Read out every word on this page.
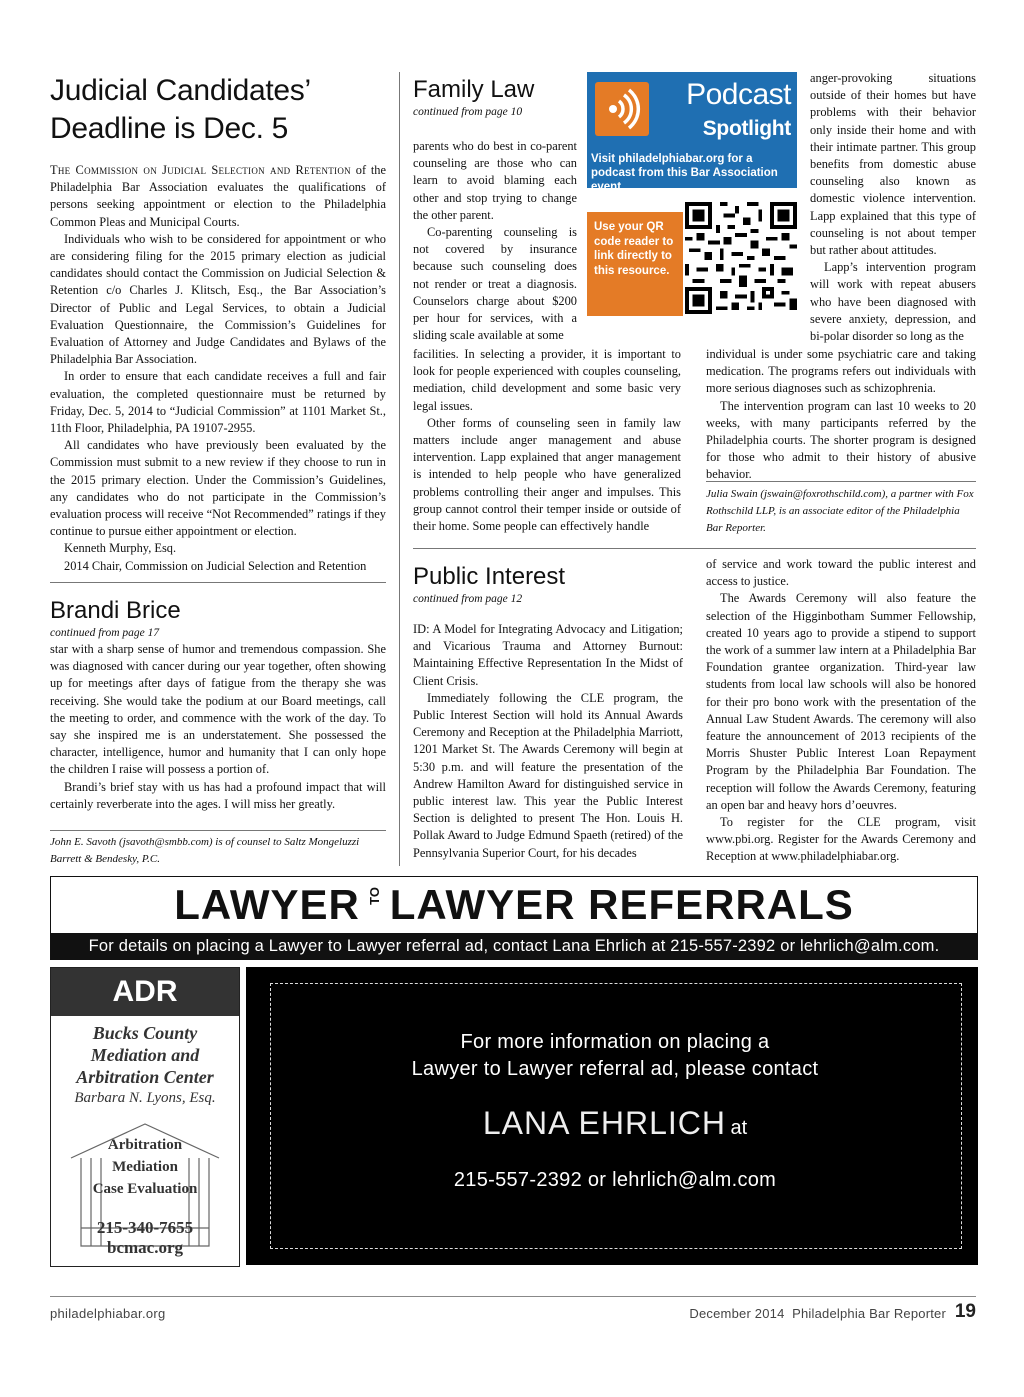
Judicial Candidates’
Deadline is Dec. 5

The Commission on Judicial Selection and Retention of the Philadelphia Bar Association evaluates the qualifications of persons seeking appointment or election to the Philadelphia Common Pleas and Municipal Courts.

Individuals who wish to be considered for appointment or who are considering filing for the 2015 primary election as judicial candidates should contact the Commission on Judicial Selection & Retention c/o Charles J. Klitsch, Esq., the Bar Association’s Director of Public and Legal Services, to obtain a Judicial Evaluation Questionnaire, the Commission’s Guidelines for Evaluation of Attorney and Judge Candidates and Bylaws of the Philadelphia Bar Association.

In order to ensure that each candidate receives a full and fair evaluation, the completed questionnaire must be returned by Friday, Dec. 5, 2014 to “Judicial Commission” at 1101 Market St., 11th Floor, Philadelphia, PA 19107-2955.

All candidates who have previously been evaluated by the Commission must submit to a new review if they choose to run in the 2015 primary election. Under the Commission’s Guidelines, any candidates who do not participate in the Commission’s evaluation process will receive “Not Recommended” ratings if they continue to pursue either appointment or election.

Kenneth Murphy, Esq.

2014 Chair, Commission on Judicial Selection and Retention

Brandi Brice
continued from page 17

star with a sharp sense of humor and tremendous compassion. She was diagnosed with cancer during our year together, often showing up for meetings after days of fatigue from the therapy she was receiving. She would take the podium at our Board meetings, call the meeting to order, and commence with the work of the day. To say she inspired me is an understatement. She possessed the character, intelligence, humor and humanity that I can only hope the children I raise will possess a portion of.

Brandi’s brief stay with us has had a profound impact that will certainly reverberate into the ages. I will miss her greatly.

John E. Savoth (jsavoth@smbb.com) is of counsel to Saltz Mongeluzzi Barrett & Bendesky, P.C.
Family Law
continued from page 10

parents who do best in co-parent counseling are those who can learn to avoid blaming each other and stop trying to change the other parent.

Co-parenting counseling is not covered by insurance because such counseling does not render or treat a diagnosis. Counselors charge about $200 per hour for services, with a sliding scale available at some

facilities. In selecting a provider, it is important to look for people experienced with couples counseling, mediation, child development and some basic very legal issues.

Other forms of counseling seen in family law matters include anger management and abuse intervention. Lapp explained that anger management is intended to help people who have generalized problems controlling their anger and impulses. This group cannot control their temper inside or outside of their home. Some people can effectively handle

Podcast
Spotlight
Visit philadelphiabar.org for a podcast from this Bar Association event.
Use your QR code reader to link directly to this resource.

anger-provoking situations outside of their homes but have problems with their behavior only inside their home and with their intimate partner. This group benefits from domestic abuse counseling also known as domestic violence intervention. Lapp explained that this type of counseling is not about temper but rather about attitudes.

Lapp’s intervention program will work with repeat abusers who have been diagnosed with severe anxiety, depression, and bi-polar disorder so long as the

individual is under some psychiatric care and taking medication. The programs refers out individuals with more serious diagnoses such as schizophrenia.

The intervention program can last 10 weeks to 20 weeks, with many participants referred by the Philadelphia courts. The shorter program is designed for those who admit to their history of abusive behavior.

Julia Swain (jswain@foxrothschild.com), a partner with Fox Rothschild LLP, is an associate editor of the Philadelphia Bar Reporter.
Public Interest
continued from page 12

ID: A Model for Integrating Advocacy and Litigation; and Vicarious Trauma and Attorney Burnout: Maintaining Effective Representation In the Midst of Client Crisis.

Immediately following the CLE program, the Public Interest Section will hold its Annual Awards Ceremony and Reception at the Philadelphia Marriott, 1201 Market St. The Awards Ceremony will begin at 5:30 p.m. and will feature the presentation of the Andrew Hamilton Award for distinguished service in public interest law. This year the Public Interest Section is delighted to present The Hon. Louis H. Pollak Award to Judge Edmund Spaeth (retired) of the Pennsylvania Superior Court, for his decades

of service and work toward the public interest and access to justice.

The Awards Ceremony will also feature the selection of the Higginbotham Summer Fellowship, created 10 years ago to provide a stipend to support the work of a summer law intern at a Philadelphia Bar Foundation grantee organization. Third-year law students from local law schools will also be honored for their pro bono work with the presentation of the Annual Law Student Awards. The ceremony will also feature the announcement of 2013 recipients of the Morris Shuster Public Interest Loan Repayment Program by the Philadelphia Bar Foundation. The reception will follow the Awards Ceremony, featuring an open bar and heavy hors d’oeuvres.

To register for the CLE program, visit www.pbi.org. Register for the Awards Ceremony and Reception at www.philadelphiabar.org.

LAWYER TO LAWYER REFERRALS
For details on placing a Lawyer to Lawyer referral ad, contact Lana Ehrlich at 215-557-2392 or lehrlich@alm.com.
ADR
Bucks County
Mediation and
Arbitration Center
Barbara N. Lyons, Esq.
Arbitration
Mediation
Case Evaluation
215-340-7655
bcmac.org
For more information on placing a
Lawyer to Lawyer referral ad, please contact
LANA EHRLICH at
215-557-2392 or lehrlich@alm.com
philadelphiabar.org	December 2014  Philadelphia Bar Reporter 19
